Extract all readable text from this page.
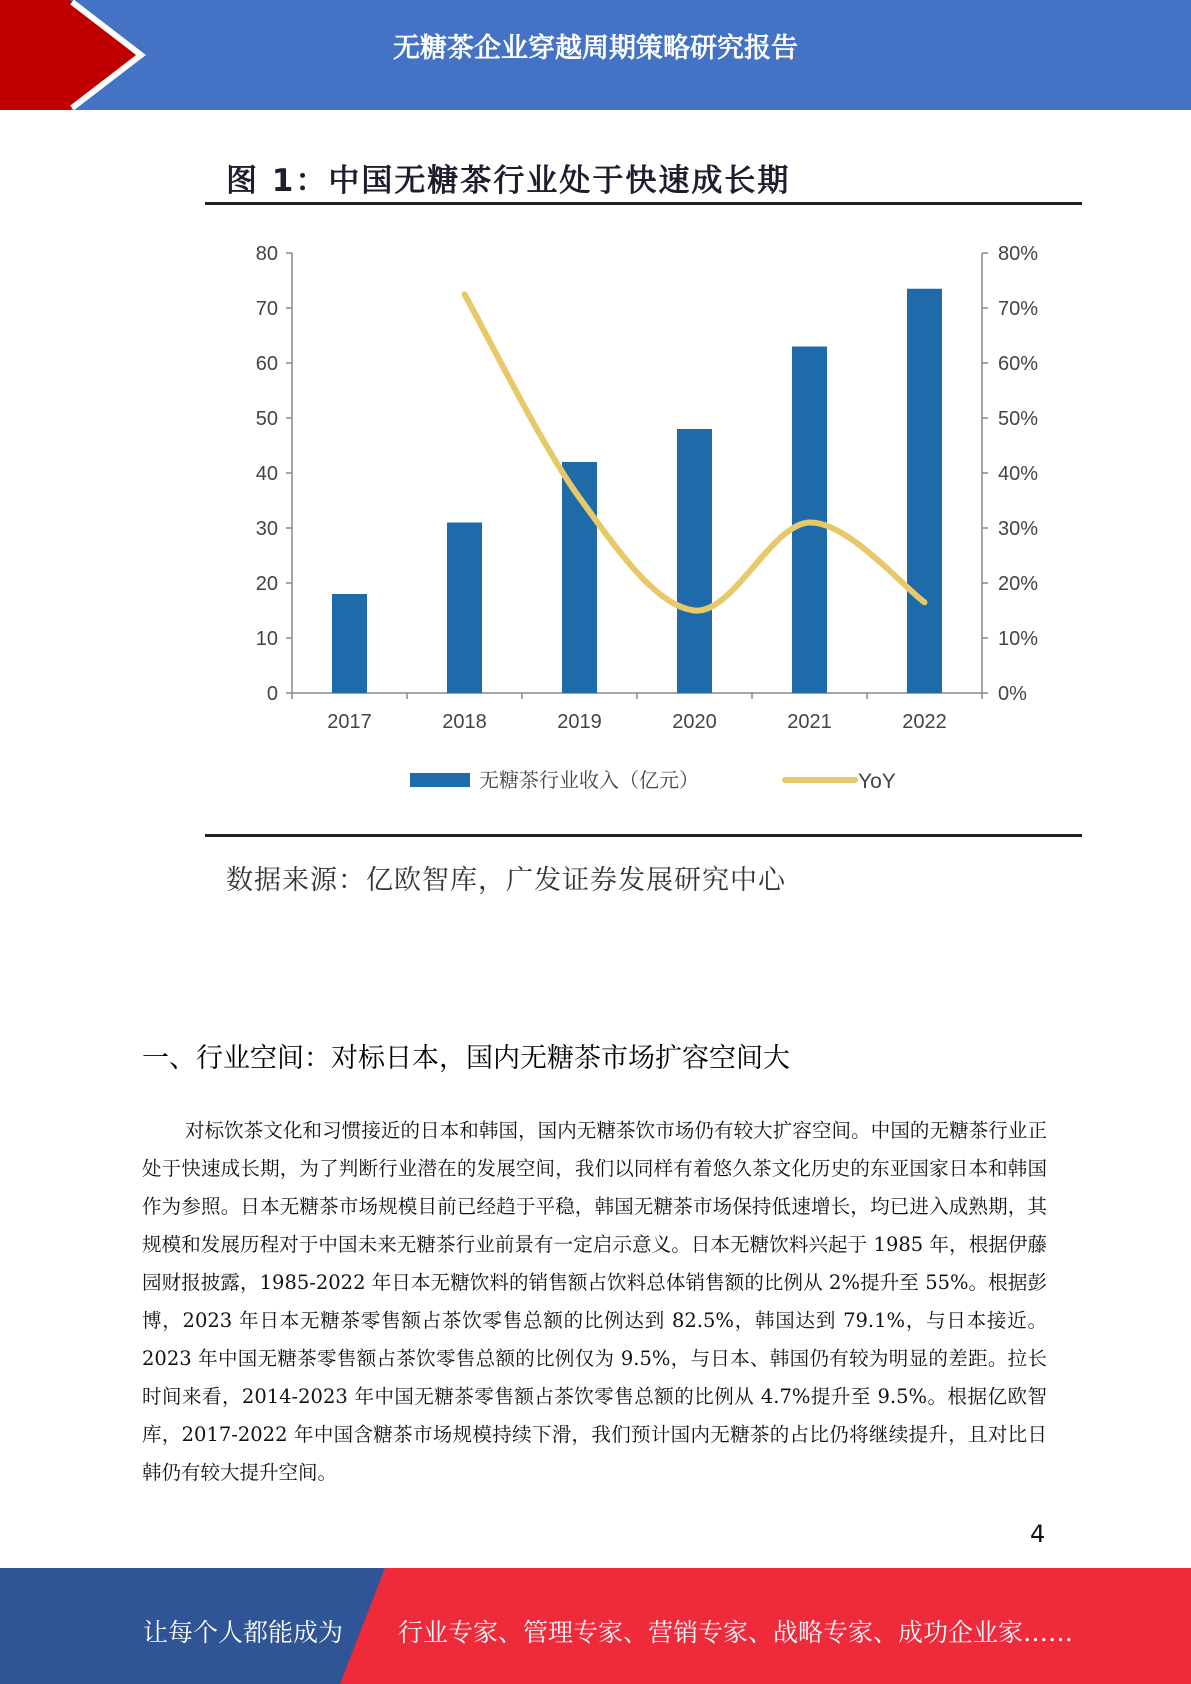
无糖茶企业穿越周期策略研究报告
图 1：中国无糖茶行业处于快速成长期
0
10
20
30
40
50
60
70
80
0%
10%
20%
30%
40%
50%
60%
70%
80%
2017	2018	2019	2020	2021	2022
无糖茶行业收入（亿元）	YoY
数据来源：亿欧智库，广发证券发展研究中心
一、行业空间：对标日本，国内无糖茶市场扩容空间大
对标饮茶文化和习惯接近的日本和韩国，国内无糖茶饮市场仍有较大扩容空间。中国的无糖茶行业正处于快速成长期，为了判断行业潜在的发展空间，我们以同样有着悠久茶文化历史的东亚国家日本和韩国作为参照。日本无糖茶市场规模目前已经趋于平稳，韩国无糖茶市场保持低速增长，均已进入成熟期，其规模和发展历程对于中国未来无糖茶行业前景有一定启示意义。日本无糖饮料兴起于 1985 年，根据伊藤园财报披露，1985-2022 年日本无糖饮料的销售额占饮料总体销售额的比例从 2%提升至 55%。根据彭博，2023 年日本无糖茶零售额占茶饮零售总额的比例达到 82.5%，韩国达到 79.1%，与日本接近。2023 年中国无糖茶零售额占茶饮零售总额的比例仅为 9.5%，与日本、韩国仍有较为明显的差距。拉长时间来看，2014-2023 年中国无糖茶零售额占茶饮零售总额的比例从 4.7%提升至 9.5%。根据亿欧智库，2017-2022 年中国含糖茶市场规模持续下滑，我们预计国内无糖茶的占比仍将继续提升，且对比日韩仍有较大提升空间。
4
让每个人都能成为 行业专家、管理专家、营销专家、战略专家、成功企业家……
